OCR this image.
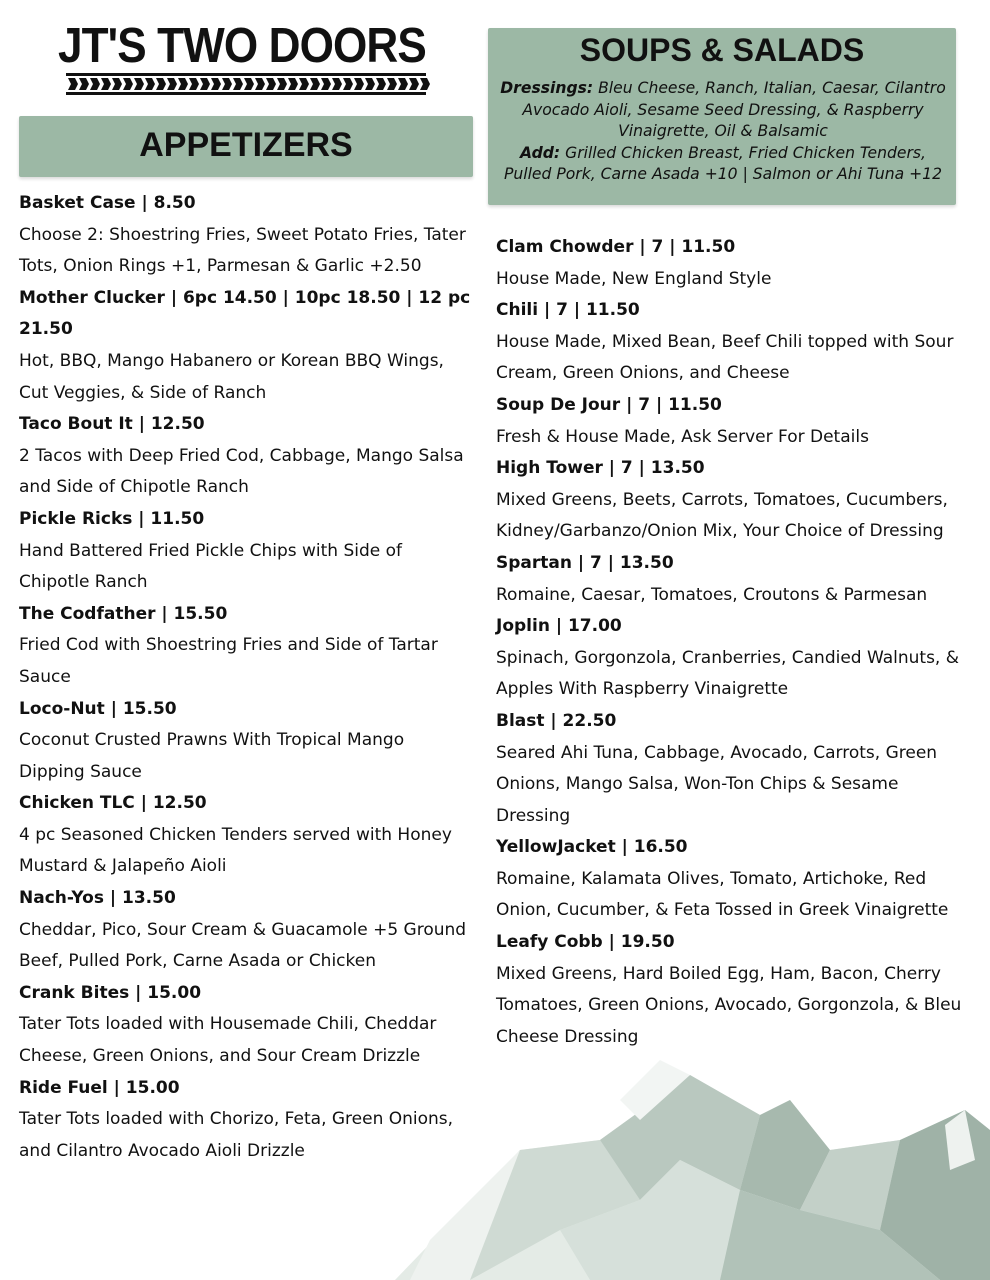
JT'S TWO DOORS
APPETIZERS
SOUPS & SALADS
Dressings: Bleu Cheese, Ranch, Italian, Caesar, Cilantro Avocado Aioli, Sesame Seed Dressing, & Raspberry Vinaigrette, Oil & Balsamic
Add: Grilled Chicken Breast, Fried Chicken Tenders, Pulled Pork, Carne Asada +10 | Salmon or Ahi Tuna +12
Basket Case | 8.50
Choose 2: Shoestring Fries, Sweet Potato Fries, Tater Tots, Onion Rings +1, Parmesan & Garlic +2.50
Mother Clucker | 6pc 14.50 | 10pc 18.50 | 12 pc 21.50
Hot, BBQ, Mango Habanero or Korean BBQ Wings, Cut Veggies, & Side of Ranch
Taco Bout It | 12.50
2 Tacos with Deep Fried Cod, Cabbage, Mango Salsa and Side of Chipotle Ranch
Pickle Ricks | 11.50
Hand Battered Fried Pickle Chips with Side of Chipotle Ranch
The Codfather | 15.50
Fried Cod with Shoestring Fries and Side of Tartar Sauce
Loco-Nut | 15.50
Coconut Crusted Prawns With Tropical Mango Dipping Sauce
Chicken TLC | 12.50
4 pc Seasoned Chicken Tenders served with Honey Mustard & Jalapeño Aioli
Nach-Yos | 13.50
Cheddar, Pico, Sour Cream & Guacamole +5 Ground Beef, Pulled Pork, Carne Asada or Chicken
Crank Bites | 15.00
Tater Tots loaded with Housemade Chili, Cheddar Cheese, Green Onions, and Sour Cream Drizzle
Ride Fuel | 15.00
Tater Tots loaded with Chorizo, Feta, Green Onions, and Cilantro Avocado Aioli Drizzle
Clam Chowder | 7 | 11.50
House Made, New England Style
Chili | 7 | 11.50
House Made, Mixed Bean, Beef Chili topped with Sour Cream, Green Onions, and Cheese
Soup De Jour | 7 | 11.50
Fresh & House Made, Ask Server For Details
High Tower | 7 | 13.50
Mixed Greens, Beets, Carrots, Tomatoes, Cucumbers, Kidney/Garbanzo/Onion Mix, Your Choice of Dressing
Spartan | 7 | 13.50
Romaine, Caesar, Tomatoes, Croutons & Parmesan
Joplin | 17.00
Spinach, Gorgonzola, Cranberries, Candied Walnuts, & Apples With Raspberry Vinaigrette
Blast | 22.50
Seared Ahi Tuna, Cabbage, Avocado, Carrots, Green Onions, Mango Salsa, Won-Ton Chips & Sesame Dressing
YellowJacket | 16.50
Romaine, Kalamata Olives, Tomato, Artichoke, Red Onion, Cucumber, & Feta Tossed in Greek Vinaigrette
Leafy Cobb | 19.50
Mixed Greens, Hard Boiled Egg, Ham, Bacon, Cherry Tomatoes, Green Onions, Avocado, Gorgonzola, & Bleu Cheese Dressing
